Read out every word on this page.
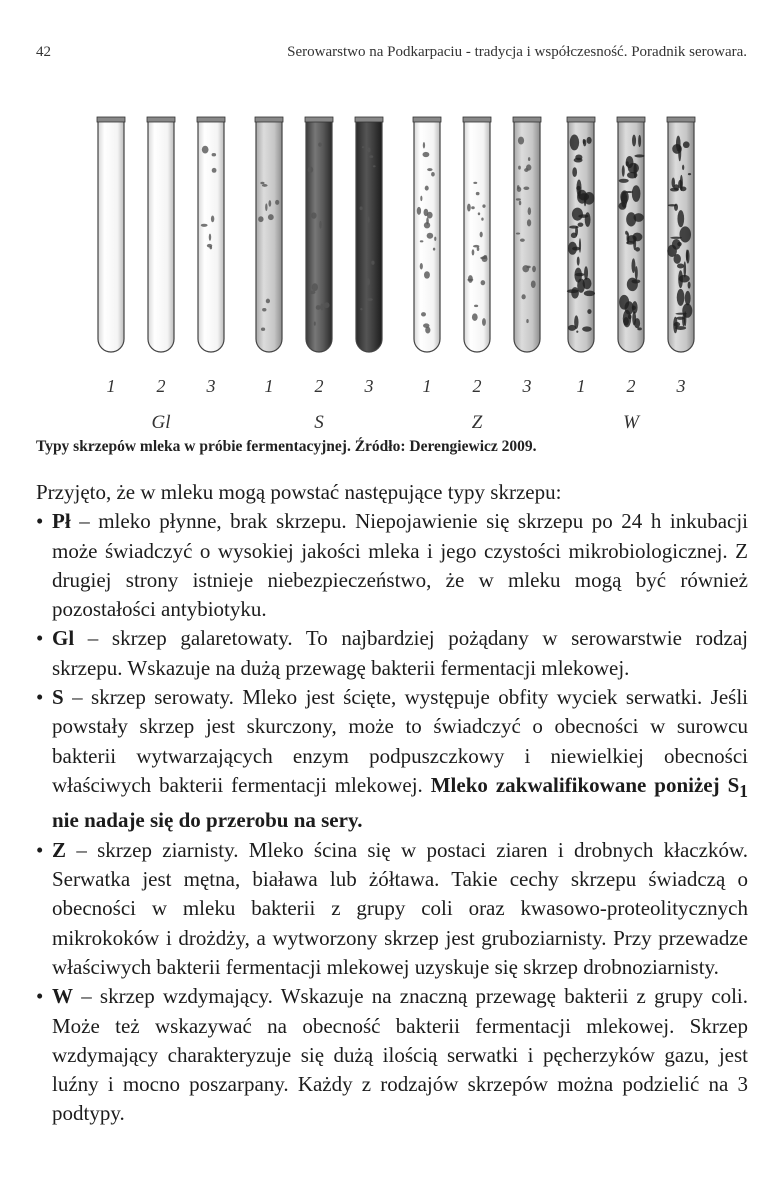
42	Serowarstwo na Podkarpaciu - tradycja i współczesność. Poradnik serowara.
1 2 3
Gl
1 2 3
S
1 2 3
Z
1 2 3
W
Typy skrzepów mleka w próbie fermentacyjnej. Źródło: Derengiewicz 2009.

Przyjęto, że w mleku mogą powstać następujące typy skrzepu:

• Pł – mleko płynne, brak skrzepu. Niepojawienie się skrzepu po 24 h inkubacji może świadczyć o wysokiej jakości mleka i jego czystości mikrobiologicznej. Z drugiej strony istnieje niebezpieczeństwo, że w mleku mogą być również pozostałości antybiotyku.
• Gl – skrzep galaretowaty. To najbardziej pożądany w serowarstwie rodzaj skrzepu. Wskazuje na dużą przewagę bakterii fermentacji mlekowej.
• S – skrzep serowaty. Mleko jest ścięte, występuje obfity wyciek serwatki. Jeśli powstały skrzep jest skurczony, może to świadczyć o obecności w surowcu bakterii wytwarzających enzym podpuszczkowy i niewielkiej obecności właściwych bakterii fermentacji mlekowej. Mleko zakwalifikowane poniżej $S_1$ nie nadaje się do przerobu na sery.
• Z – skrzep ziarnisty. Mleko ścina się w postaci ziaren i drobnych kłaczków. Serwatka jest mętna, biaława lub żółtawa. Takie cechy skrzepu świadczą o obecności w mleku bakterii z grupy coli oraz kwasowo-proteolitycznych mikrokoków i drożdży, a wytworzony skrzep jest gruboziarnisty. Przy przewadze właściwych bakterii fermentacji mlekowej uzyskuje się skrzep drobnoziarnisty.
• W – skrzep wzdymający. Wskazuje na znaczną przewagę bakterii z grupy coli. Może też wskazywać na obecność bakterii fermentacji mlekowej. Skrzep wzdymający charakteryzuje się dużą ilością serwatki i pęcherzyków gazu, jest luźny i mocno poszarpany. Każdy z rodzajów skrzepów można podzielić na 3 podtypy.
